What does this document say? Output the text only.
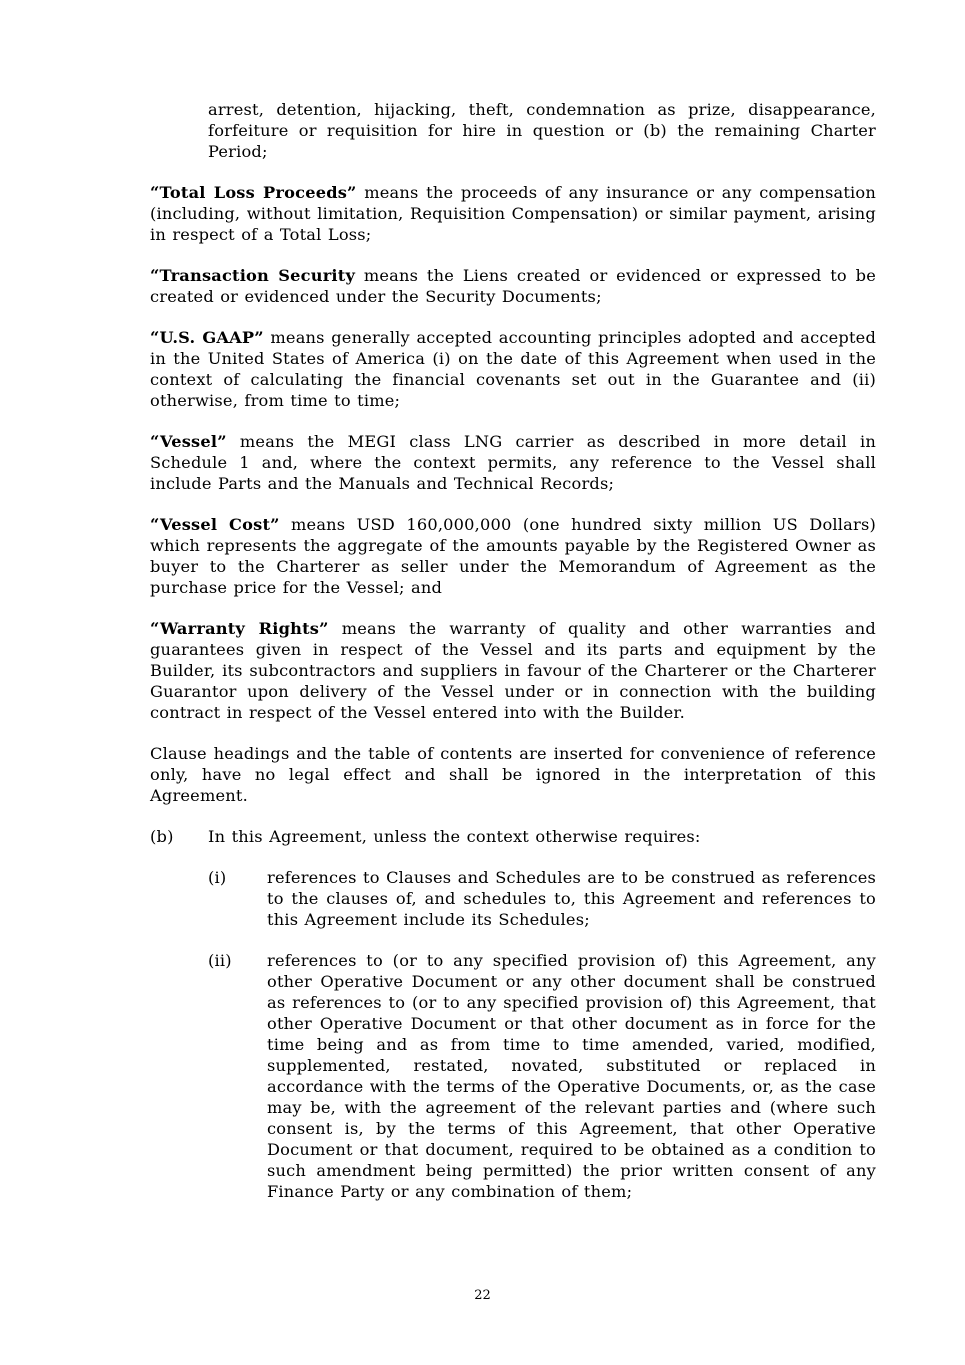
arrest, detention, hijacking, theft, condemnation as prize, disappearance, forfeiture or requisition for hire in question or (b) the remaining Charter Period;
“Total Loss Proceeds” means the proceeds of any insurance or any compensation (including, without limitation, Requisition Compensation) or similar payment, arising in respect of a Total Loss;
“Transaction Security means the Liens created or evidenced or expressed to be created or evidenced under the Security Documents;
“U.S. GAAP” means generally accepted accounting principles adopted and accepted in the United States of America (i) on the date of this Agreement when used in the context of calculating the financial covenants set out in the Guarantee and (ii) otherwise, from time to time;
“Vessel” means the MEGI class LNG carrier as described in more detail in Schedule 1 and, where the context permits, any reference to the Vessel shall include Parts and the Manuals and Technical Records;
“Vessel Cost” means USD 160,000,000 (one hundred sixty million US Dollars) which represents the aggregate of the amounts payable by the Registered Owner as buyer to the Charterer as seller under the Memorandum of Agreement as the purchase price for the Vessel; and
“Warranty Rights” means the warranty of quality and other warranties and guarantees given in respect of the Vessel and its parts and equipment by the Builder, its subcontractors and suppliers in favour of the Charterer or the Charterer Guarantor upon delivery of the Vessel under or in connection with the building contract in respect of the Vessel entered into with the Builder.
Clause headings and the table of contents are inserted for convenience of reference only, have no legal effect and shall be ignored in the interpretation of this Agreement.
(b) In this Agreement, unless the context otherwise requires:
(i)	references to Clauses and Schedules are to be construed as references to the clauses of, and schedules to, this Agreement and references to this Agreement include its Schedules;
(ii) references to (or to any specified provision of) this Agreement, any other Operative Document or any other document shall be construed as references to (or to any specified provision of) this Agreement, that other Operative Document or that other document as in force for the time being and as from time to time amended, varied, modified, supplemented, restated, novated, substituted or replaced in accordance with the terms of the Operative Documents, or, as the case may be, with the agreement of the relevant parties and (where such consent is, by the terms of this Agreement, that other Operative Document or that document, required to be obtained as a condition to such amendment being permitted) the prior written consent of any Finance Party or any combination of them;
22
